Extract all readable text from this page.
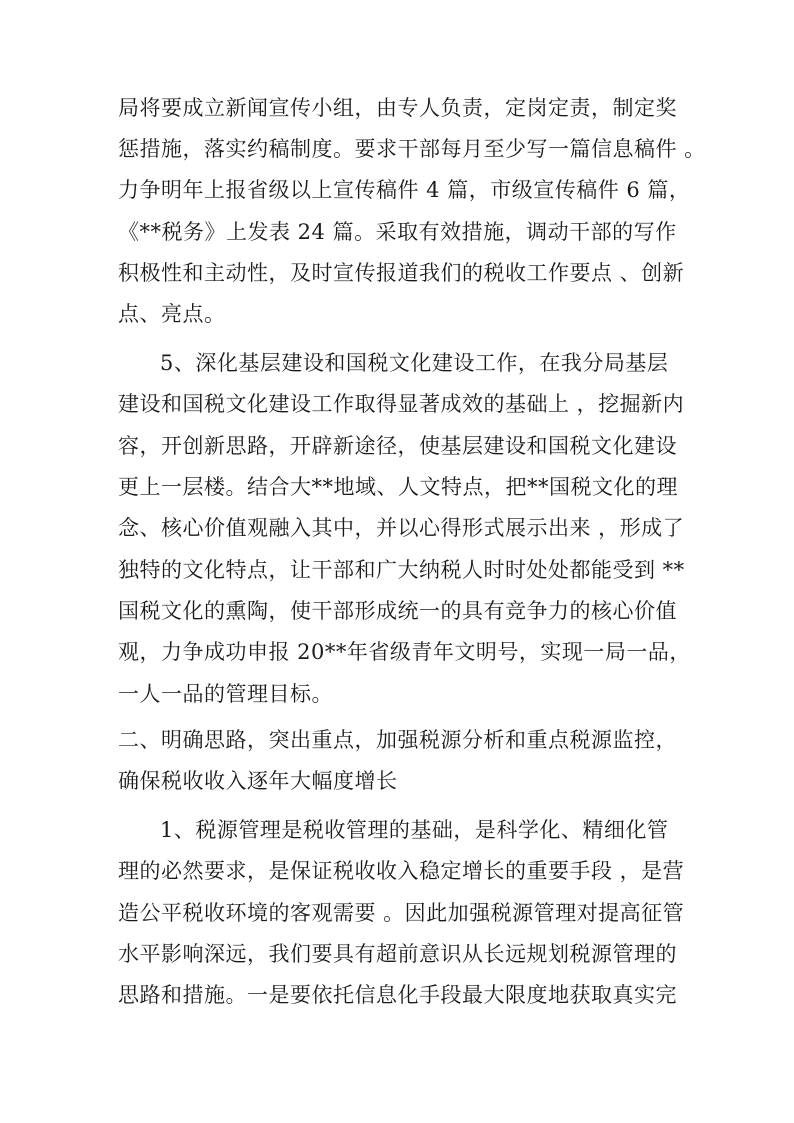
局将要成立新闻宣传小组，由专人负责，定岗定责，制定奖
惩措施，落实约稿制度。要求干部每月至少写一篇信息稿件 。
力争明年上报省级以上宣传稿件 4 篇，市级宣传稿件 6 篇，
《**税务》上发表 24 篇。采取有效措施，调动干部的写作
积极性和主动性，及时宣传报道我们的税收工作要点 、创新
点、亮点。
5、深化基层建设和国税文化建设工作，在我分局基层
建设和国税文化建设工作取得显著成效的基础上 ，挖掘新内
容，开创新思路，开辟新途径，使基层建设和国税文化建设
更上一层楼。结合大**地域、人文特点，把**国税文化的理
念、核心价值观融入其中，并以心得形式展示出来 ，形成了
独特的文化特点，让干部和广大纳税人时时处处都能受到 **
国税文化的熏陶，使干部形成统一的具有竞争力的核心价值
观，力争成功申报 20**年省级青年文明号，实现一局一品，
一人一品的管理目标。
二、明确思路，突出重点，加强税源分析和重点税源监控，
确保税收收入逐年大幅度增长
1、税源管理是税收管理的基础，是科学化、精细化管
理的必然要求，是保证税收收入稳定增长的重要手段 ，是营
造公平税收环境的客观需要 。因此加强税源管理对提高征管
水平影响深远，我们要具有超前意识从长远规划税源管理的
思路和措施。一是要依托信息化手段最大限度地获取真实完
